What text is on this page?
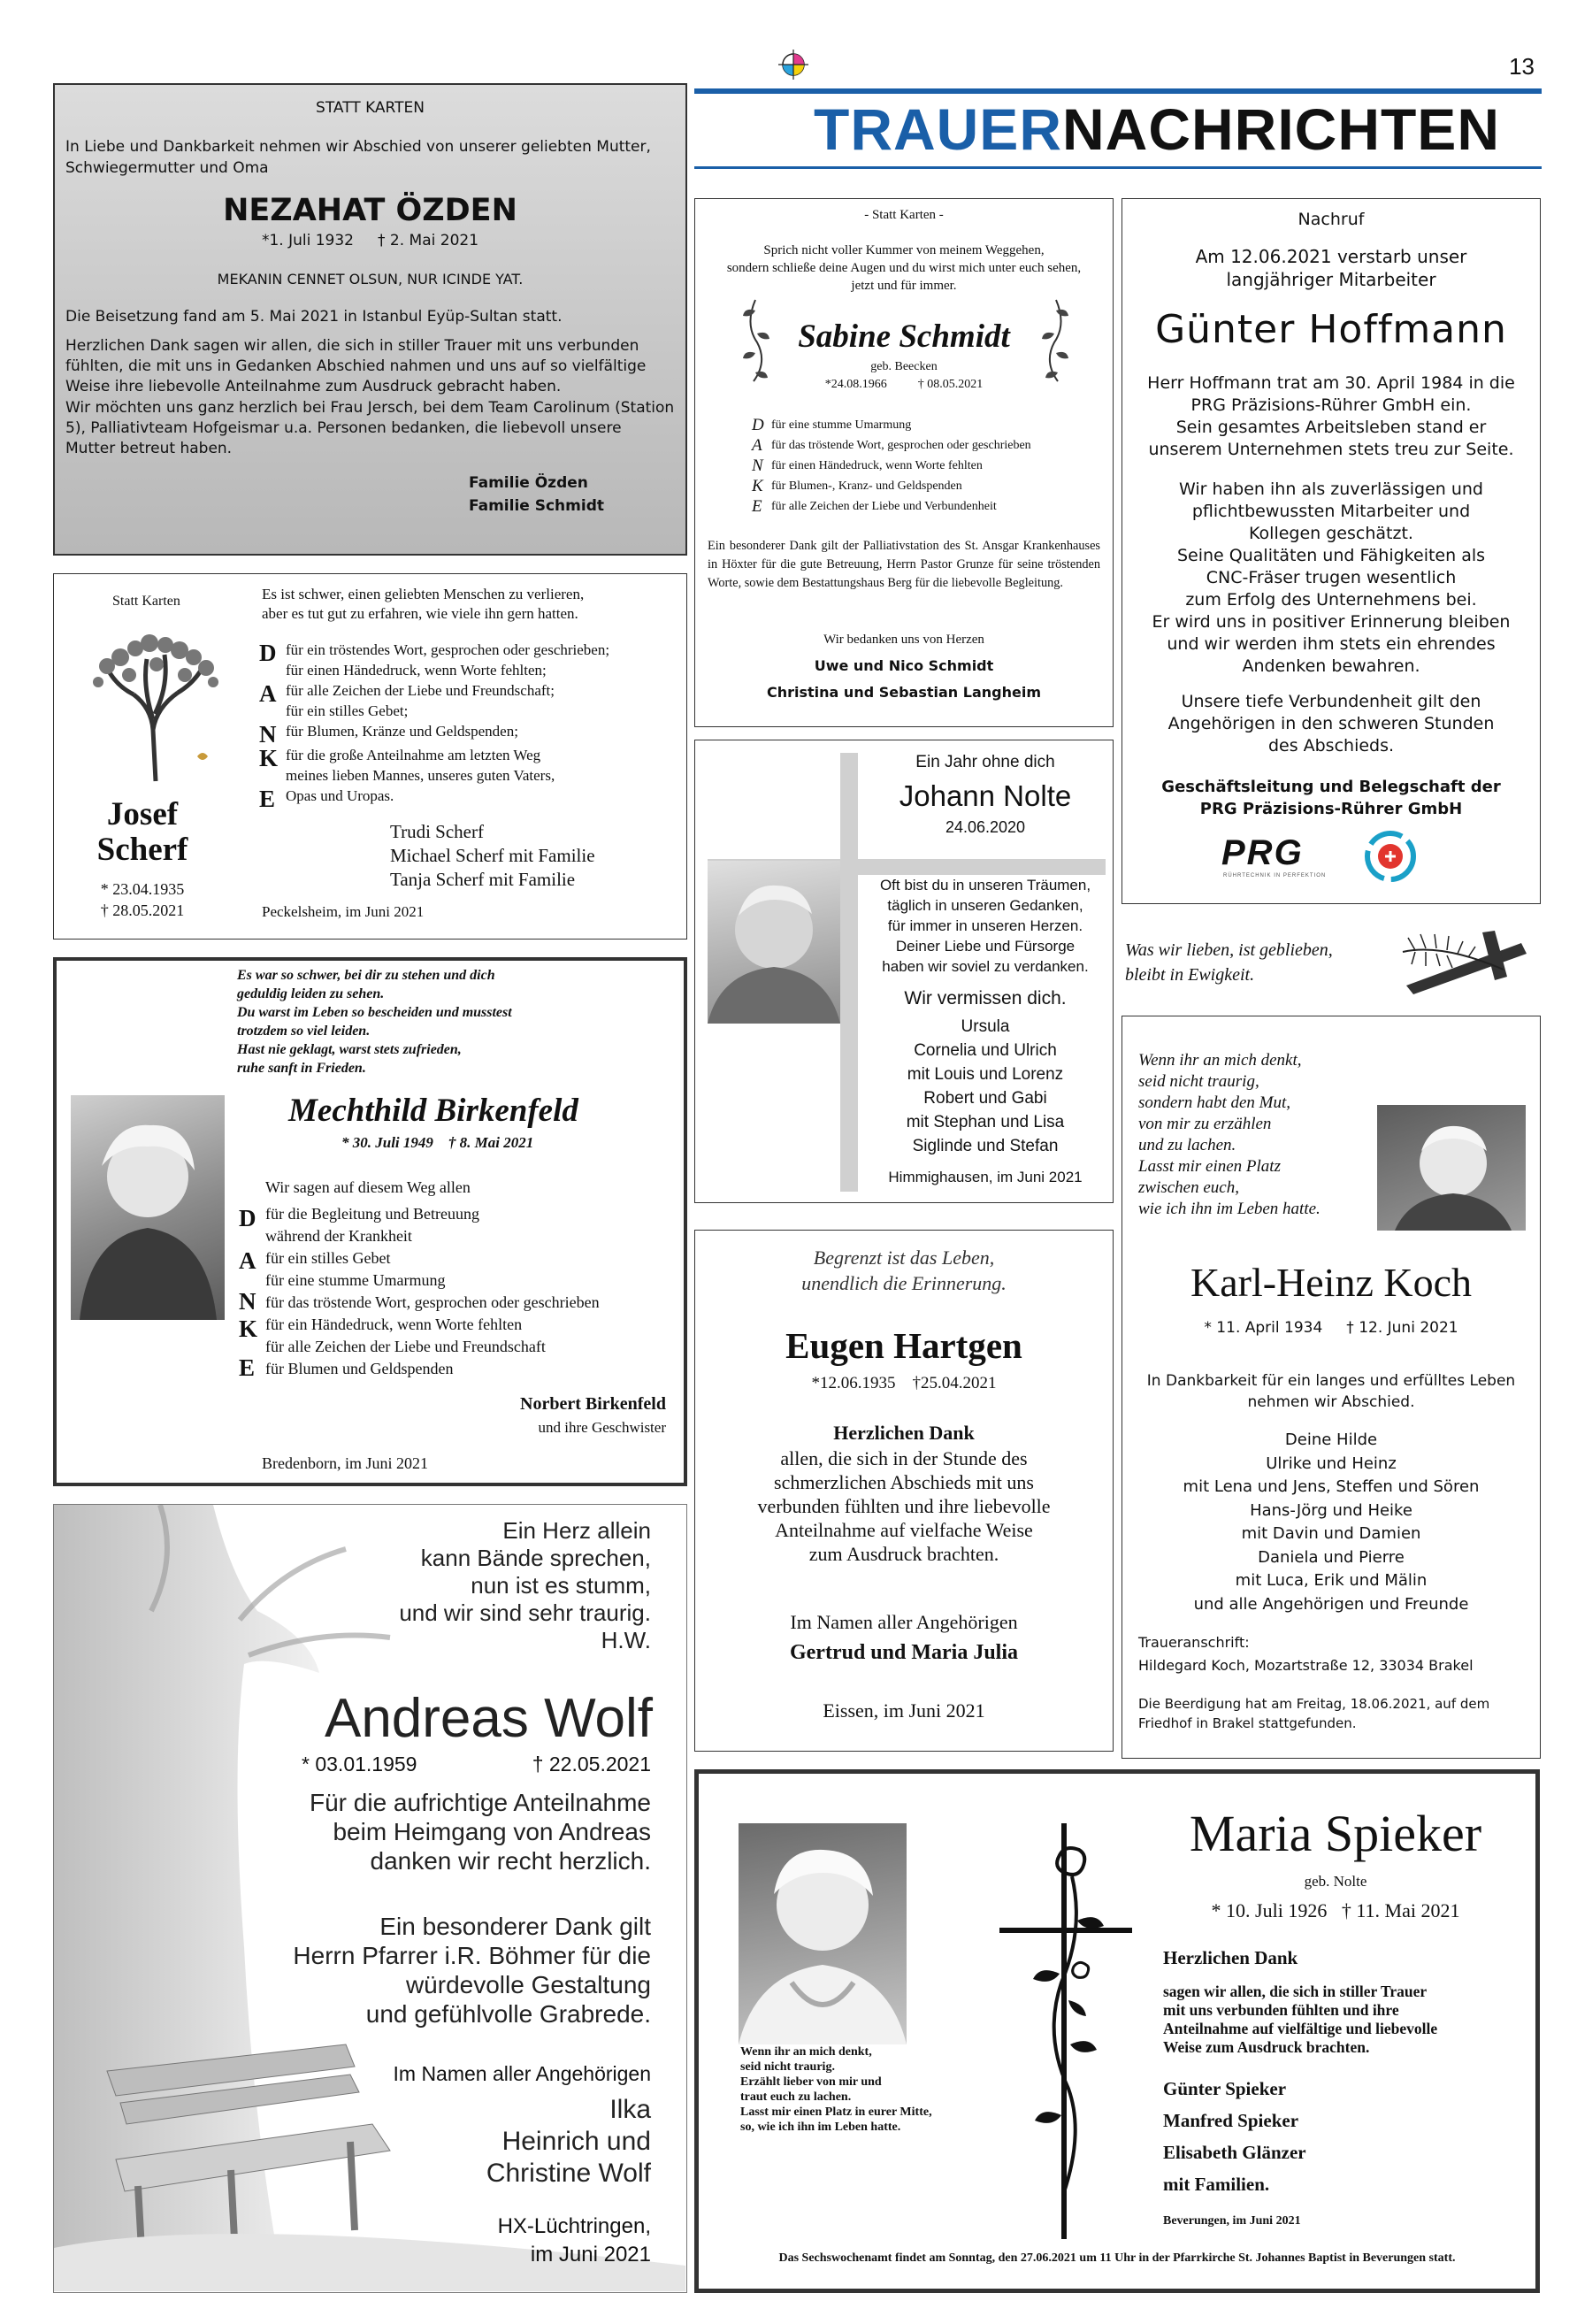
13
TRAUERNACHRICHTEN
STATT KARTEN
In Liebe und Dankbarkeit nehmen wir Abschied von unserer geliebten Mutter, Schwiegermutter und Oma
NEZAHAT ÖZDEN
*1. Juli 1932     † 2. Mai 2021
MEKANIN CENNET OLSUN, NUR ICINDE YAT.
Die Beisetzung fand am 5. Mai 2021 in Istanbul Eyüp-Sultan statt.
Herzlichen Dank sagen wir allen, die sich in stiller Trauer mit uns verbunden fühlten, die mit uns in Gedanken Abschied nahmen und uns auf so vielfältige Weise ihre liebevolle Anteilnahme zum Ausdruck gebracht haben.
Wir möchten uns ganz herzlich bei Frau Jersch, bei dem Team Carolinum (Station 5), Palliativteam Hofgeismar u.a. Personen bedanken, die liebevoll unsere Mutter betreut haben.
Familie Özden
Familie Schmidt
Statt Karten
Josef
Scherf
* 23.04.1935
† 28.05.2021
Es ist schwer, einen geliebten Menschen zu verlieren,
aber es tut gut zu erfahren, wie viele ihn gern hatten.
D für ein tröstendes Wort, gesprochen oder geschrieben;
für einen Händedruck, wenn Worte fehlten;
A für alle Zeichen der Liebe und Freundschaft;
für ein stilles Gebet;
N für Blumen, Kränze und Geldspenden;
K für die große Anteilnahme am letzten Weg
meines lieben Mannes, unseres guten Vaters,
E Opas und Uropas.
Trudi Scherf
Michael Scherf mit Familie
Tanja Scherf mit Familie
Peckelsheim, im Juni 2021
Es war so schwer, bei dir zu stehen und dich
geduldig leiden zu sehen.
Du warst im Leben so bescheiden und musstest
trotzdem so viel leiden.
Hast nie geklagt, warst stets zufrieden,
ruhe sanft in Frieden.
Mechthild Birkenfeld
* 30. Juli 1949    † 8. Mai 2021
Wir sagen auf diesem Weg allen
D für die Begleitung und Betreuung
während der Krankheit
A für ein stilles Gebet
für eine stumme Umarmung
N für das tröstende Wort, gesprochen oder geschrieben
K für ein Händedruck, wenn Worte fehlten
für alle Zeichen der Liebe und Freundschaft
E für Blumen und Geldspenden
Norbert Birkenfeld
und ihre Geschwister
Bredenborn, im Juni 2021
Ein Herz allein
kann Bände sprechen,
nun ist es stumm,
und wir sind sehr traurig.
H.W.
Andreas Wolf
* 03.01.1959	† 22.05.2021
Für die aufrichtige Anteilnahme
beim Heimgang von Andreas
danken wir recht herzlich.
Ein besonderer Dank gilt
Herrn Pfarrer i.R. Böhmer für die
würdevolle Gestaltung
und gefühlvolle Grabrede.
Im Namen aller Angehörigen
Ilka
Heinrich und
Christine Wolf
HX-Lüchtringen,
im Juni 2021
- Statt Karten -
Sprich nicht voller Kummer von meinem Weggehen,
sondern schließe deine Augen und du wirst mich unter euch sehen,
jetzt und für immer.
Sabine Schmidt
geb. Beecken
*24.08.1966          † 08.05.2021
D für eine stumme Umarmung
A für das tröstende Wort, gesprochen oder geschrieben
N für einen Händedruck, wenn Worte fehlten
K für Blumen-, Kranz- und Geldspenden
E für alle Zeichen der Liebe und Verbundenheit
Ein besonderer Dank gilt der Palliativstation des St. Ansgar Krankenhauses in Höxter für die gute Betreuung, Herrn Pastor Grunze für seine tröstenden Worte, sowie dem Bestattungshaus Berg für die liebevolle Begleitung.
Wir bedanken uns von Herzen
Uwe und Nico Schmidt
Christina und Sebastian Langheim
Nachruf
Am 12.06.2021 verstarb unser
langjähriger Mitarbeiter
Günter Hoffmann
Herr Hoffmann trat am 30. April 1984 in die
PRG Präzisions-Rührer GmbH ein.
Sein gesamtes Arbeitsleben stand er
unserem Unternehmen stets treu zur Seite.
Wir haben ihn als zuverlässigen und
pflichtbewussten Mitarbeiter und
Kollegen geschätzt.
Seine Qualitäten und Fähigkeiten als
CNC-Fräser trugen wesentlich
zum Erfolg des Unternehmens bei.
Er wird uns in positiver Erinnerung bleiben
und wir werden ihm stets ein ehrendes
Andenken bewahren.
Unsere tiefe Verbundenheit gilt den
Angehörigen in den schweren Stunden
des Abschieds.
Geschäftsleitung und Belegschaft der
PRG Präzisions-Rührer GmbH
PRG
RÜHRTECHNIK IN PERFEKTION
Ein Jahr ohne dich
Johann Nolte
24.06.2020
Oft bist du in unseren Träumen,
täglich in unseren Gedanken,
für immer in unseren Herzen.
Deiner Liebe und Fürsorge
haben wir soviel zu verdanken.
Wir vermissen dich.
Ursula
Cornelia und Ulrich
mit Louis und Lorenz
Robert und Gabi
mit Stephan und Lisa
Siglinde und Stefan
Himmighausen, im Juni 2021
Was wir lieben, ist geblieben,
bleibt in Ewigkeit.
Wenn ihr an mich denkt,
seid nicht traurig,
sondern habt den Mut,
von mir zu erzählen
und zu lachen.
Lasst mir einen Platz
zwischen euch,
wie ich ihn im Leben hatte.
Karl-Heinz Koch
* 11. April 1934     † 12. Juni 2021
In Dankbarkeit für ein langes und erfülltes Leben
nehmen wir Abschied.
Deine Hilde
Ulrike und Heinz
mit Lena und Jens, Steffen und Sören
Hans-Jörg und Heike
mit Davin und Damien
Daniela und Pierre
mit Luca, Erik und Mälin
und alle Angehörigen und Freunde
Traueranschrift:
Hildegard Koch, Mozartstraße 12, 33034 Brakel
Die Beerdigung hat am Freitag, 18.06.2021, auf dem
Friedhof in Brakel stattgefunden.
Begrenzt ist das Leben,
unendlich die Erinnerung.
Eugen Hartgen
*12.06.1935    †25.04.2021
Herzlichen Dank
allen, die sich in der Stunde des
schmerzlichen Abschieds mit uns
verbunden fühlten und ihre liebevolle
Anteilnahme auf vielfache Weise
zum Ausdruck brachten.
Im Namen aller Angehörigen
Gertrud und Maria Julia
Eissen, im Juni 2021
Wenn ihr an mich denkt,
seid nicht traurig.
Erzählt lieber von mir und
traut euch zu lachen.
Lasst mir einen Platz in eurer Mitte,
so, wie ich ihn im Leben hatte.
Maria Spieker
geb. Nolte
* 10. Juli 1926   † 11. Mai 2021
Herzlichen Dank
sagen wir allen, die sich in stiller Trauer
mit uns verbunden fühlten und ihre
Anteilnahme auf vielfältige und liebevolle
Weise zum Ausdruck brachten.
Günter Spieker
Manfred Spieker
Elisabeth Glänzer
mit Familien.
Beverungen, im Juni 2021
Das Sechswochenamt findet am Sonntag, den 27.06.2021 um 11 Uhr in der Pfarrkirche St. Johannes Baptist in Beverungen statt.
